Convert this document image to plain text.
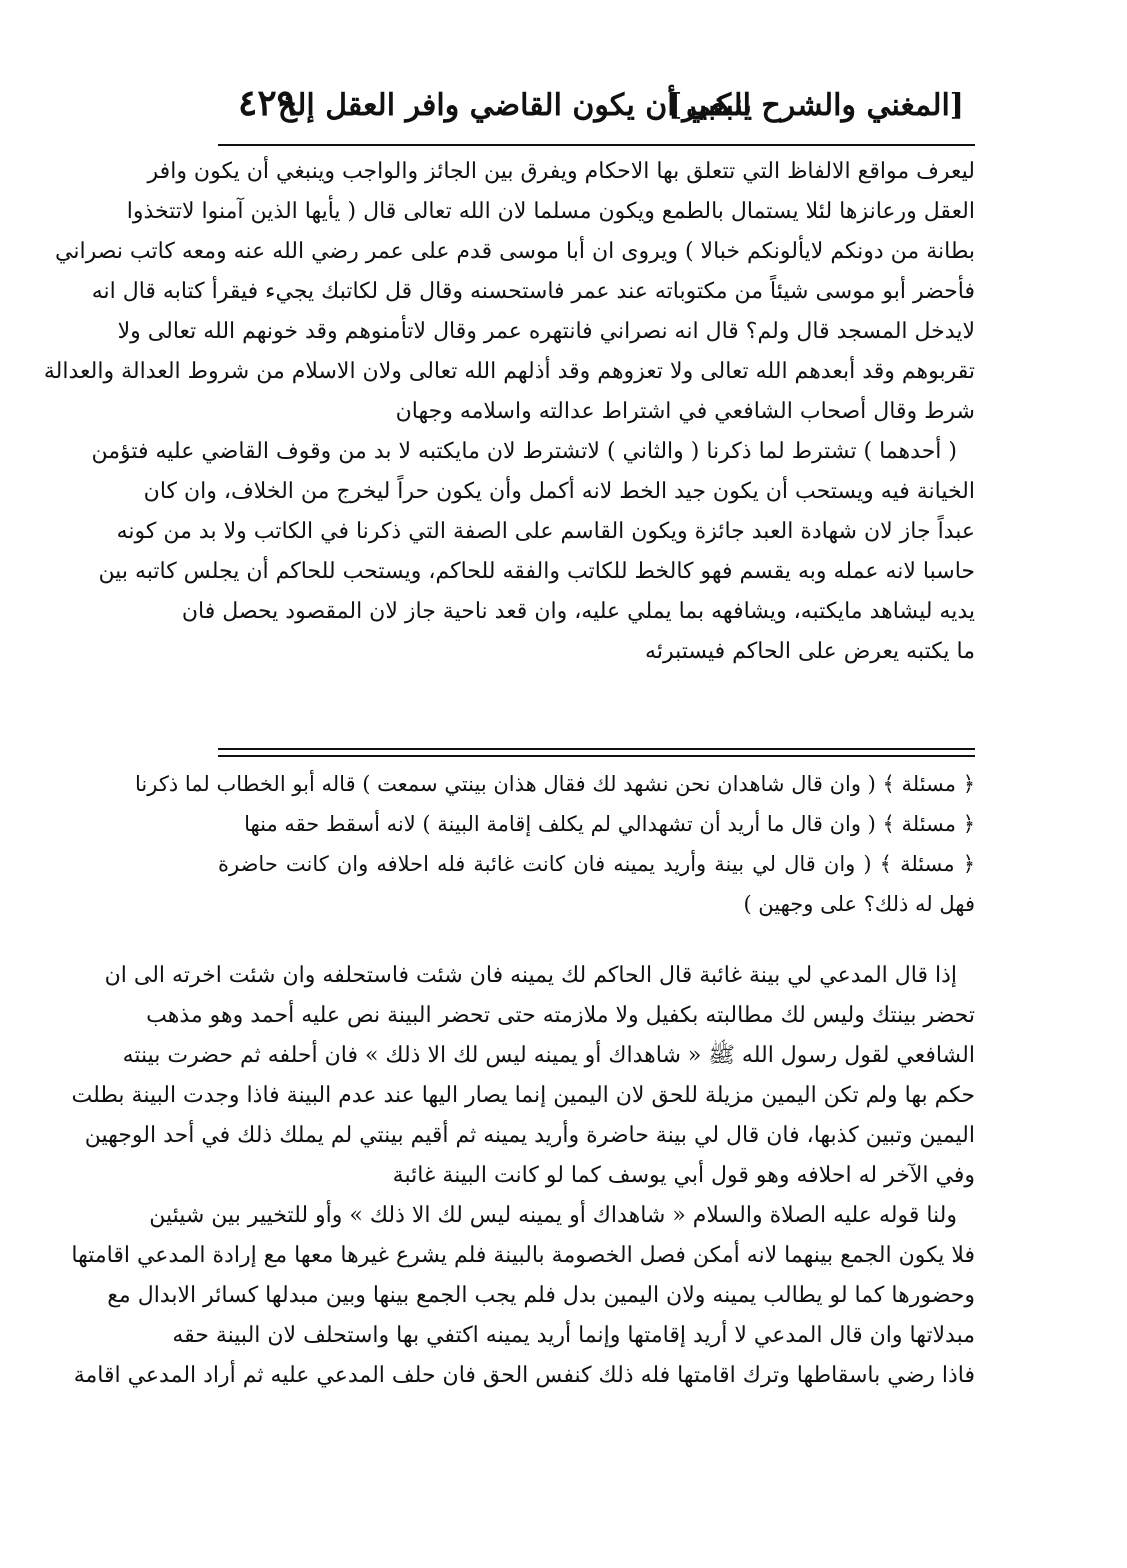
[المغني والشرح الكبير]
ينبغي أن يكون القاضي وافر العقل إلخ
٤٢٩
ليعرف مواقع الالفاظ التي تتعلق بها الاحكام ويفرق بين الجائز والواجب وينبغي أن يكون وافر
العقل ورعانزها لئلا يستمال بالطمع ويكون مسلما لان الله تعالى قال ( يأيها الذين آمنوا لاتتخذوا
بطانة من دونكم لايألونكم خبالا ) ويروى ان أبا موسى قدم على عمر رضي الله عنه ومعه كاتب نصراني
فأحضر أبو موسى شيئاً من مكتوباته عند عمر فاستحسنه وقال قل لكاتبك يجيء فيقرأ كتابه قال انه
لايدخل المسجد قال ولم؟ قال انه نصراني فانتهره عمر وقال لاتأمنوهم وقد خونهم الله تعالى ولا
تقربوهم وقد أبعدهم الله تعالى ولا تعزوهم وقد أذلهم الله تعالى ولان الاسلام من شروط العدالة والعدالة
شرط وقال أصحاب الشافعي في اشتراط عدالته واسلامه وجهان
( أحدهما ) تشترط لما ذكرنا ( والثاني ) لاتشترط لان مايكتبه لا بد من وقوف القاضي عليه فتؤمن
الخيانة فيه ويستحب أن يكون جيد الخط لانه أكمل وأن يكون حراً ليخرج من الخلاف، وان كان
عبداً جاز لان شهادة العبد جائزة ويكون القاسم على الصفة التي ذكرنا في الكاتب ولا بد من كونه
حاسبا لانه عمله وبه يقسم فهو كالخط للكاتب والفقه للحاكم، ويستحب للحاكم أن يجلس كاتبه بين
يديه ليشاهد مايكتبه، ويشافهه بما يملي عليه، وان قعد ناحية جاز لان المقصود يحصل فان
ما يكتبه يعرض على الحاكم فيستبرئه
﴿ مسئلة ﴾ ( وان قال شاهدان نحن نشهد لك فقال هذان بينتي سمعت ) قاله أبو الخطاب لما ذكرنا
﴿ مسئلة ﴾ ( وان قال ما أريد أن تشهدالي لم يكلف إقامة البينة ) لانه أسقط حقه منها
﴿ مسئلة ﴾ ( وان قال لي بينة وأريد يمينه فان كانت غائبة فله احلافه وان كانت حاضرة
فهل له ذلك؟ على وجهين )
إذا قال المدعي لي بينة غائبة قال الحاكم لك يمينه فان شئت فاستحلفه وان شئت اخرته الى ان
تحضر بينتك وليس لك مطالبته بكفيل ولا ملازمته حتى تحضر البينة نص عليه أحمد وهو مذهب
الشافعي لقول رسول الله ﷺ « شاهداك أو يمينه ليس لك الا ذلك » فان أحلفه ثم حضرت بينته
حكم بها ولم تكن اليمين مزيلة للحق لان اليمين إنما يصار اليها عند عدم البينة فاذا وجدت البينة بطلت
اليمين وتبين كذبها، فان قال لي بينة حاضرة وأريد يمينه ثم أقيم بينتي لم يملك ذلك في أحد الوجهين
وفي الآخر له احلافه وهو قول أبي يوسف كما لو كانت البينة غائبة
ولنا قوله عليه الصلاة والسلام « شاهداك أو يمينه ليس لك الا ذلك » وأو للتخيير بين شيئين
فلا يكون الجمع بينهما لانه أمكن فصل الخصومة بالبينة فلم يشرع غيرها معها مع إرادة المدعي اقامتها
وحضورها كما لو يطالب يمينه ولان اليمين بدل فلم يجب الجمع بينها وبين مبدلها كسائر الابدال مع
مبدلاتها وان قال المدعي لا أريد إقامتها وإنما أريد يمينه اكتفي بها واستحلف لان البينة حقه
فاذا رضي باسقاطها وترك اقامتها فله ذلك كنفس الحق فان حلف المدعي عليه ثم أراد المدعي اقامة
